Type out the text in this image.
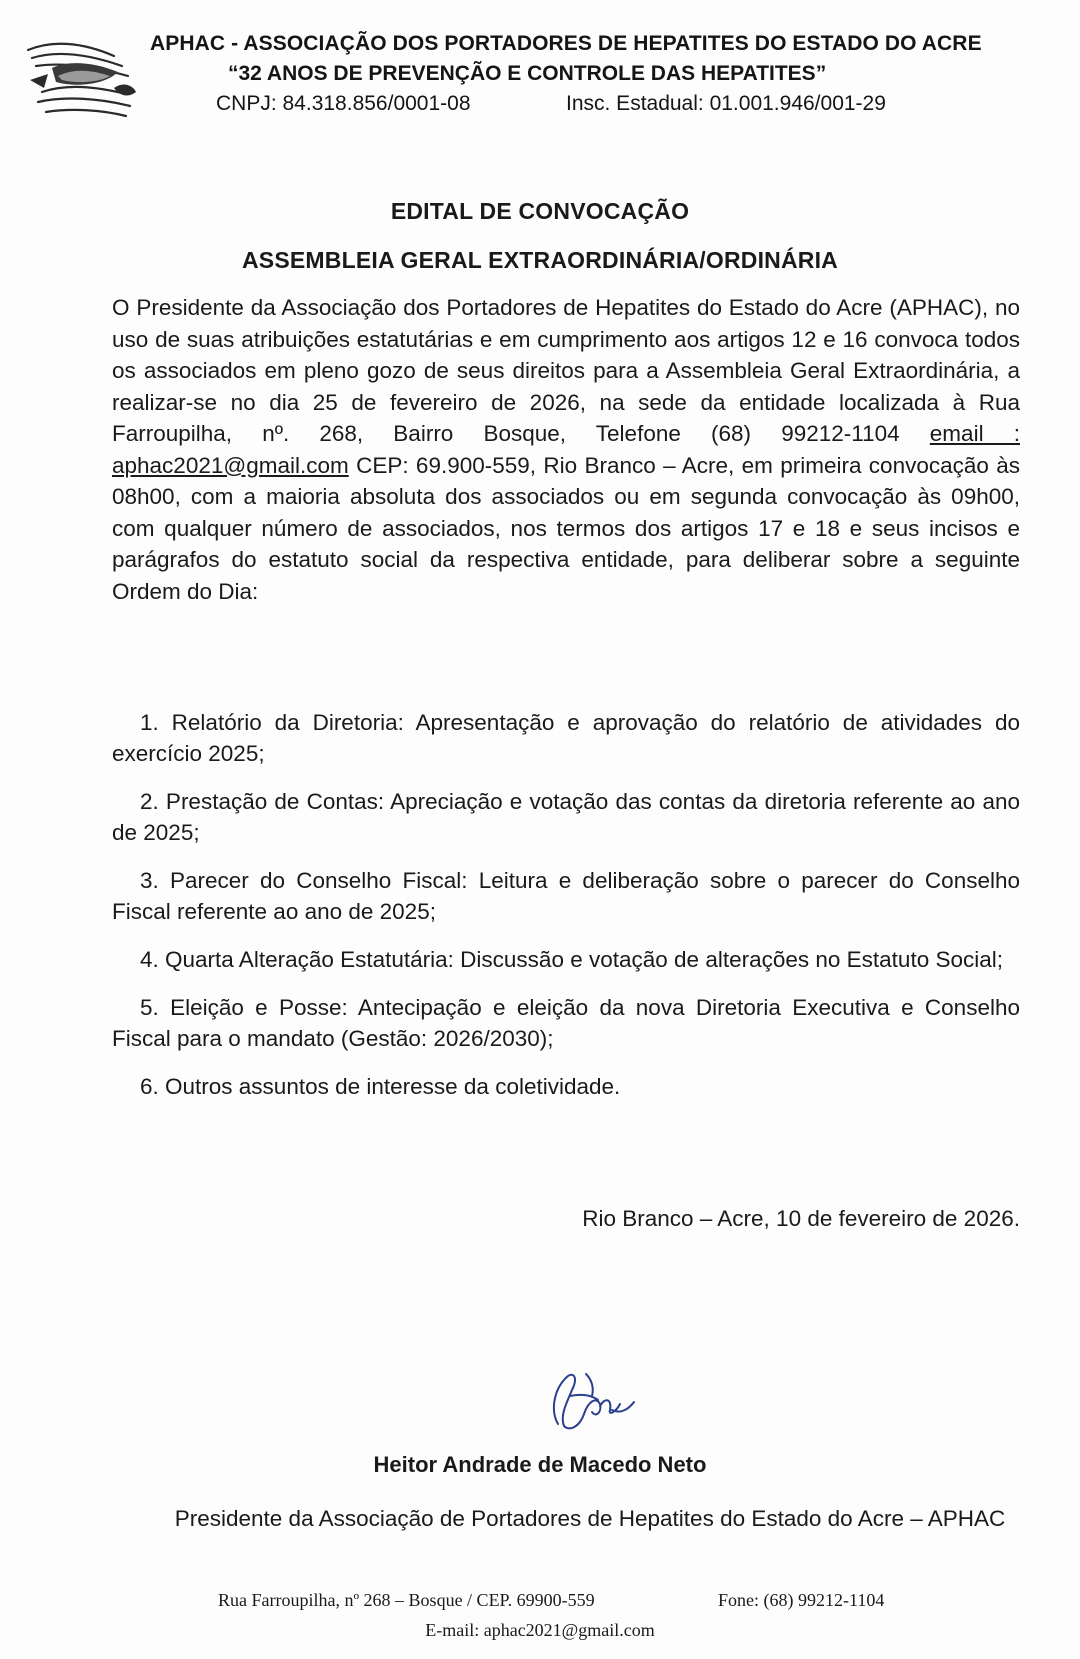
APHAC - ASSOCIAÇÃO DOS PORTADORES DE HEPATITES DO ESTADO DO ACRE
“32 ANOS DE PREVENÇÃO E CONTROLE DAS HEPATITES”
CNPJ: 84.318.856/0001-08	Insc. Estadual: 01.001.946/001-29
EDITAL DE CONVOCAÇÃO
ASSEMBLEIA GERAL EXTRAORDINÁRIA/ORDINÁRIA
O Presidente da Associação dos Portadores de Hepatites do Estado do Acre (APHAC), no uso de suas atribuições estatutárias e em cumprimento aos artigos 12 e 16 convoca todos os associados em pleno gozo de seus direitos para a Assembleia Geral Extraordinária, a realizar-se no dia 25 de fevereiro de 2026, na sede da entidade localizada à Rua Farroupilha, nº. 268, Bairro Bosque, Telefone (68) 99212-1104 email : aphac2021@gmail.com CEP: 69.900-559, Rio Branco – Acre, em primeira convocação às 08h00, com a maioria absoluta dos associados ou em segunda convocação às 09h00, com qualquer número de associados, nos termos dos artigos 17 e 18 e seus incisos e parágrafos do estatuto social da respectiva entidade, para deliberar sobre a seguinte Ordem do Dia:
1. Relatório da Diretoria: Apresentação e aprovação do relatório de atividades do exercício 2025;
2. Prestação de Contas: Apreciação e votação das contas da diretoria referente ao ano de 2025;
3. Parecer do Conselho Fiscal: Leitura e deliberação sobre o parecer do Conselho Fiscal referente ao ano de 2025;
4. Quarta Alteração Estatutária: Discussão e votação de alterações no Estatuto Social;
5. Eleição e Posse: Antecipação e eleição da nova Diretoria Executiva e Conselho Fiscal para o mandato (Gestão: 2026/2030);
6. Outros assuntos de interesse da coletividade.
Rio Branco – Acre, 10 de fevereiro de 2026.
Heitor Andrade de Macedo Neto
Presidente da Associação de Portadores de Hepatites do Estado do Acre – APHAC
Rua Farroupilha, nº 268 – Bosque / CEP. 69900-559	Fone: (68) 99212-1104
E-mail: aphac2021@gmail.com
